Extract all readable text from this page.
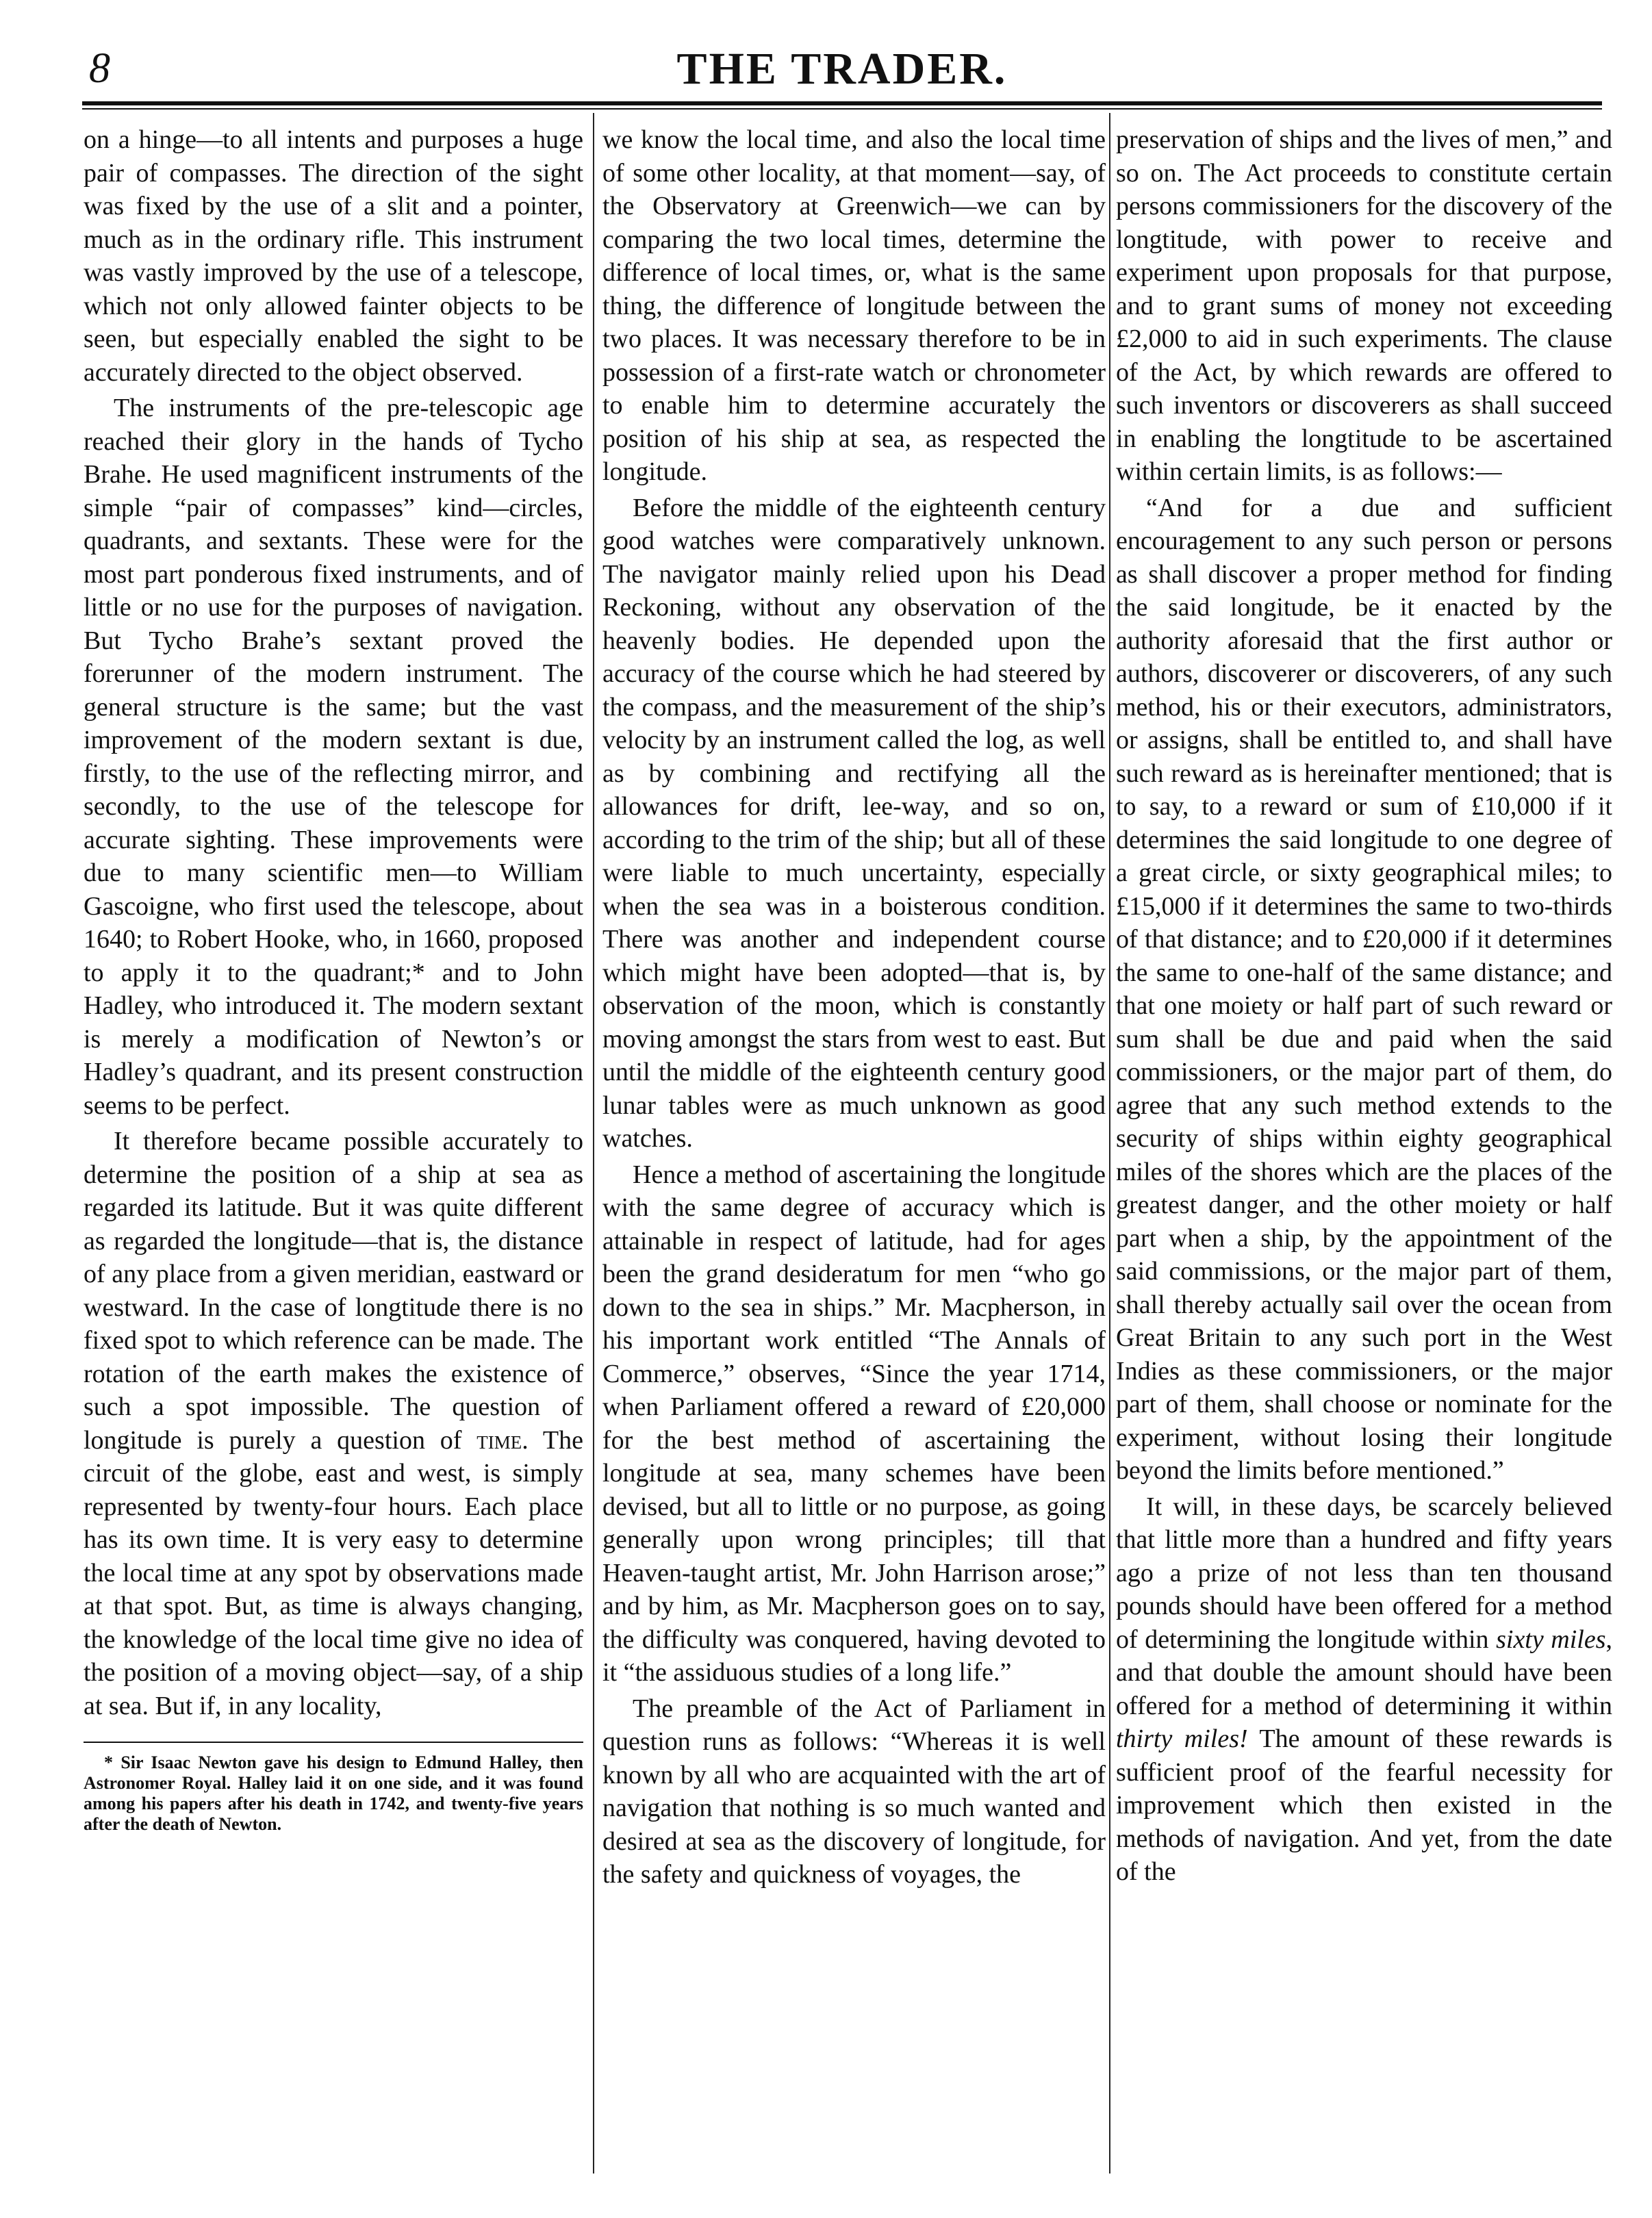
8	THE TRADER.

on a hinge—to all intents and purposes a huge pair of compasses. The direction of the sight was fixed by the use of a slit and a pointer, much as in the ordinary rifle. This instrument was vastly improved by the use of a telescope, which not only allowed fainter objects to be seen, but especially enabled the sight to be accurately directed to the object observed.

The instruments of the pre-telescopic age reached their glory in the hands of Tycho Brahe. He used magnificent instruments of the simple “pair of compasses” kind—circles, quadrants, and sextants. These were for the most part ponderous fixed instruments, and of little or no use for the purposes of navigation. But Tycho Brahe’s sextant proved the forerunner of the modern instrument. The general structure is the same; but the vast improvement of the modern sextant is due, firstly, to the use of the reflecting mirror, and secondly, to the use of the telescope for accurate sighting. These improvements were due to many scientific men—to William Gascoigne, who first used the telescope, about 1640; to Robert Hooke, who, in 1660, proposed to apply it to the quadrant;* and to John Hadley, who introduced it. The modern sextant is merely a modification of Newton’s or Hadley’s quadrant, and its present construction seems to be perfect.

It therefore became possible accurately to determine the position of a ship at sea as regarded its latitude. But it was quite different as regarded the longitude—that is, the distance of any place from a given meridian, eastward or westward. In the case of longtitude there is no fixed spot to which reference can be made. The rotation of the earth makes the existence of such a spot impossible. The question of longitude is purely a question of time. The circuit of the globe, east and west, is simply represented by twenty-four hours. Each place has its own time. It is very easy to determine the local time at any spot by observations made at that spot. But, as time is always changing, the knowledge of the local time give no idea of the position of a moving object—say, of a ship at sea. But if, in any locality,

* Sir Isaac Newton gave his design to Edmund Halley, then Astronomer Royal. Halley laid it on one side, and it was found among his papers after his death in 1742, and twenty-five years after the death of Newton.

we know the local time, and also the local time of some other locality, at that moment—say, of the Observatory at Greenwich—we can by comparing the two local times, determine the difference of local times, or, what is the same thing, the difference of longitude between the two places. It was necessary therefore to be in possession of a first-rate watch or chronometer to enable him to determine accurately the position of his ship at sea, as respected the longitude.

Before the middle of the eighteenth century good watches were comparatively unknown. The navigator mainly relied upon his Dead Reckoning, without any observation of the heavenly bodies. He depended upon the accuracy of the course which he had steered by the compass, and the measurement of the ship’s velocity by an instrument called the log, as well as by combining and rectifying all the allowances for drift, lee-way, and so on, according to the trim of the ship; but all of these were liable to much uncertainty, especially when the sea was in a boisterous condition. There was another and independent course which might have been adopted—that is, by observation of the moon, which is constantly moving amongst the stars from west to east. But until the middle of the eighteenth century good lunar tables were as much unknown as good watches.

Hence a method of ascertaining the longitude with the same degree of accuracy which is attainable in respect of latitude, had for ages been the grand desideratum for men “who go down to the sea in ships.” Mr. Macpherson, in his important work entitled “The Annals of Commerce,” observes, “Since the year 1714, when Parliament offered a reward of £20,000 for the best method of ascertaining the longitude at sea, many schemes have been devised, but all to little or no purpose, as going generally upon wrong principles; till that Heaven-taught artist, Mr. John Harrison arose;” and by him, as Mr. Macpherson goes on to say, the difficulty was conquered, having devoted to it “the assiduous studies of a long life.”

The preamble of the Act of Parliament in question runs as follows: “Whereas it is well known by all who are acquainted with the art of navigation that nothing is so much wanted and desired at sea as the discovery of longitude, for the safety and quickness of voyages, the

preservation of ships and the lives of men,” and so on. The Act proceeds to constitute certain persons commissioners for the discovery of the longtitude, with power to receive and experiment upon proposals for that purpose, and to grant sums of money not exceeding £2,000 to aid in such experiments. The clause of the Act, by which rewards are offered to such inventors or discoverers as shall succeed in enabling the longtitude to be ascertained within certain limits, is as follows:—

“And for a due and sufficient encouragement to any such person or persons as shall discover a proper method for finding the said longitude, be it enacted by the authority aforesaid that the first author or authors, discoverer or discoverers, of any such method, his or their executors, administrators, or assigns, shall be entitled to, and shall have such reward as is hereinafter mentioned; that is to say, to a reward or sum of £10,000 if it determines the said longitude to one degree of a great circle, or sixty geographical miles; to £15,000 if it determines the same to two-thirds of that distance; and to £20,000 if it determines the same to one-half of the same distance; and that one moiety or half part of such reward or sum shall be due and paid when the said commissioners, or the major part of them, do agree that any such method extends to the security of ships within eighty geographical miles of the shores which are the places of the greatest danger, and the other moiety or half part when a ship, by the appointment of the said commissions, or the major part of them, shall thereby actually sail over the ocean from Great Britain to any such port in the West Indies as these commissioners, or the major part of them, shall choose or nominate for the experiment, without losing their longitude beyond the limits before mentioned.”

It will, in these days, be scarcely believed that little more than a hundred and fifty years ago a prize of not less than ten thousand pounds should have been offered for a method of determining the longitude within sixty miles, and that double the amount should have been offered for a method of determining it within thirty miles! The amount of these rewards is sufficient proof of the fearful necessity for improvement which then existed in the methods of navigation. And yet, from the date of the
